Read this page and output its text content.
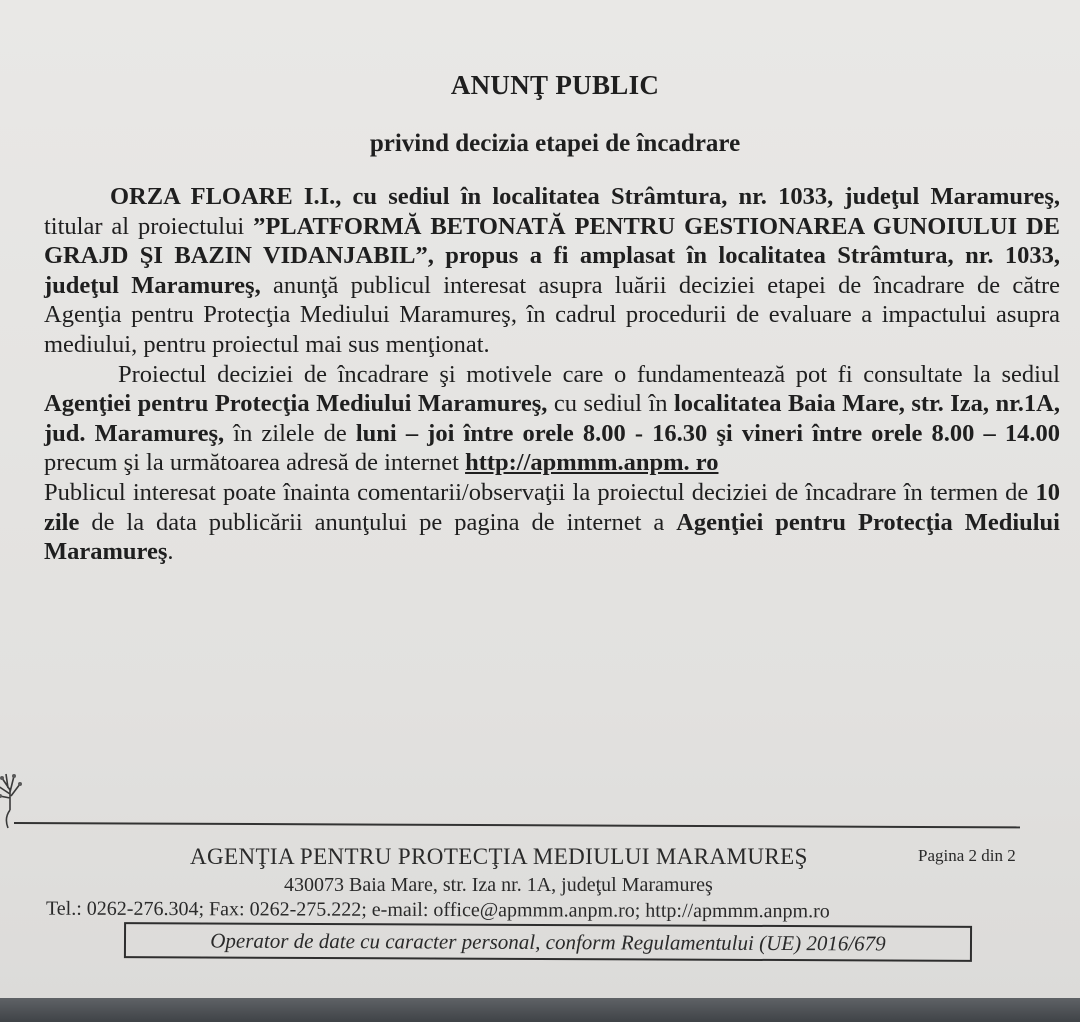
ANUNŢ PUBLIC
privind decizia etapei de încadrare

ORZA FLOARE I.I., cu sediul în localitatea Strâmtura, nr. 1033, judeţul Maramureş, titular al proiectului ”PLATFORMĂ BETONATĂ PENTRU GESTIONAREA GUNOIULUI DE GRAJD ŞI BAZIN VIDANJABIL”, propus a fi amplasat în localitatea Strâmtura, nr. 1033, judeţul Maramureş, anunţă publicul interesat asupra luării deciziei etapei de încadrare de către Agenţia pentru Protecţia Mediului Maramureş, în cadrul procedurii de evaluare a impactului asupra mediului, pentru proiectul mai sus menţionat.

Proiectul deciziei de încadrare şi motivele care o fundamentează pot fi consultate la sediul Agenţiei pentru Protecţia Mediului Maramureş, cu sediul în localitatea Baia Mare, str. Iza, nr.1A, jud. Maramureş, în zilele de luni – joi între orele 8.00 - 16.30 şi vineri între orele 8.00 – 14.00 precum şi la următoarea adresă de internet http://apmmm.anpm. ro

Publicul interesat poate înainta comentarii/observaţii la proiectul deciziei de încadrare în termen de 10 zile de la data publicării anunţului pe pagina de internet a Agenţiei pentru Protecţia Mediului Maramureş.

AGENŢIA PENTRU PROTECŢIA MEDIULUI MARAMUREŞ	Pagina 2 din 2
430073 Baia Mare, str. Iza nr. 1A, judeţul Maramureş
Tel.: 0262-276.304; Fax: 0262-275.222; e-mail: office@apmmm.anpm.ro; http://apmmm.anpm.ro
Operator de date cu caracter personal, conform Regulamentului (UE) 2016/679
